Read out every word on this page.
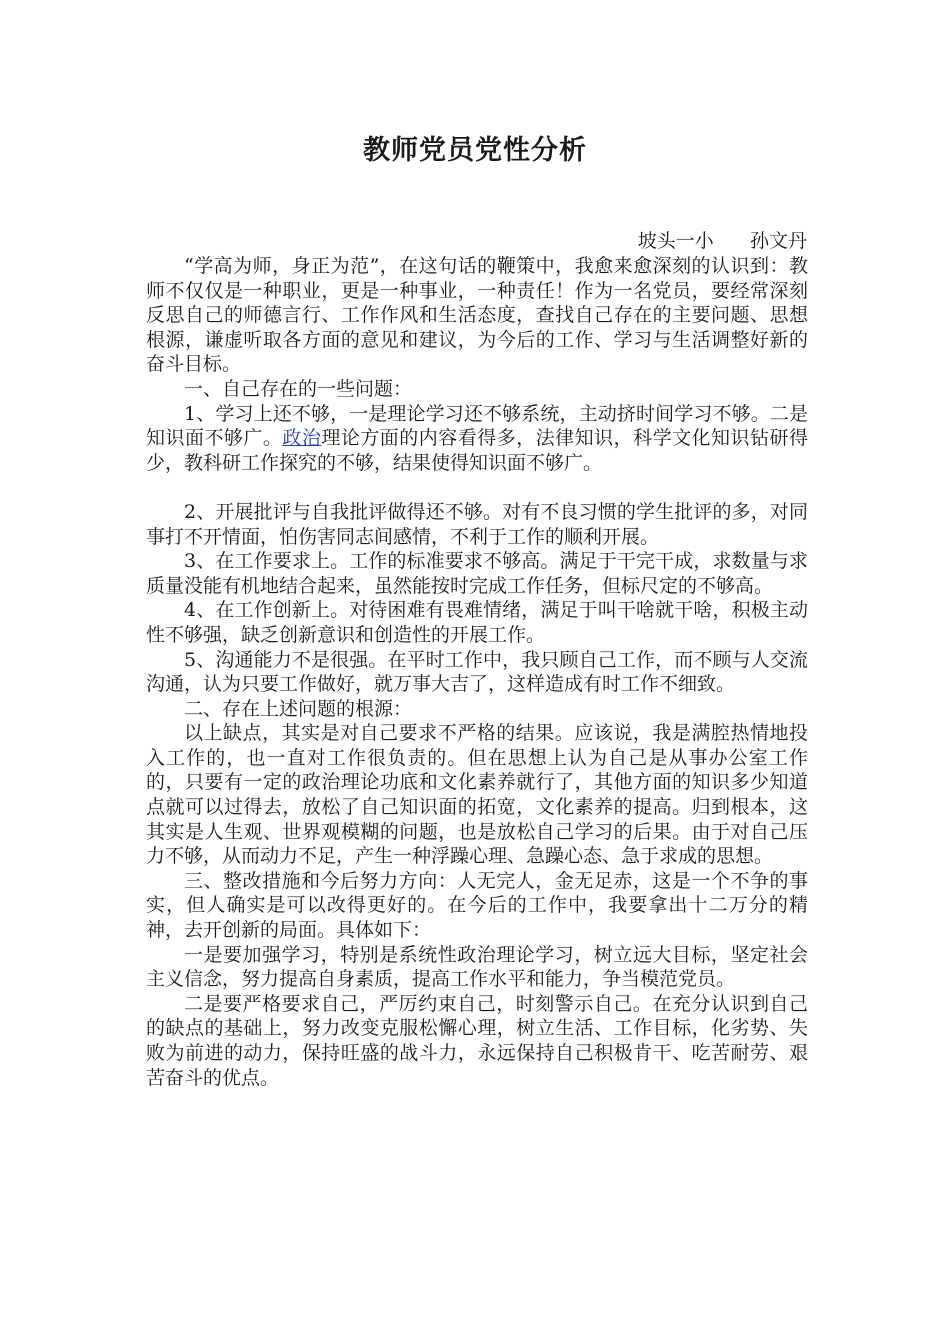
教师党员党性分析
坡头一小      孙文丹

“学高为师，身正为范”，在这句话的鞭策中，我愈来愈深刻的认识到：教师不仅仅是一种职业，更是一种事业，一种责任！作为一名党员，要经常深刻反思自己的师德言行、工作作风和生活态度，查找自己存在的主要问题、思想根源，谦虚听取各方面的意见和建议，为今后的工作、学习与生活调整好新的奋斗目标。

一、自己存在的一些问题：

1、学习上还不够，一是理论学习还不够系统，主动挤时间学习不够。二是知识面不够广。政治理论方面的内容看得多，法律知识，科学文化知识钻研得少，教科研工作探究的不够，结果使得知识面不够广。

2、开展批评与自我批评做得还不够。对有不良习惯的学生批评的多，对同事打不开情面，怕伤害同志间感情，不利于工作的顺利开展。

3、在工作要求上。工作的标准要求不够高。满足于干完干成，求数量与求质量没能有机地结合起来，虽然能按时完成工作任务，但标尺定的不够高。

4、在工作创新上。对待困难有畏难情绪，满足于叫干啥就干啥，积极主动性不够强，缺乏创新意识和创造性的开展工作。

5、沟通能力不是很强。在平时工作中，我只顾自己工作，而不顾与人交流沟通，认为只要工作做好，就万事大吉了，这样造成有时工作不细致。

二、存在上述问题的根源：

以上缺点，其实是对自己要求不严格的结果。应该说，我是满腔热情地投入工作的，也一直对工作很负责的。但在思想上认为自己是从事办公室工作的，只要有一定的政治理论功底和文化素养就行了，其他方面的知识多少知道点就可以过得去，放松了自己知识面的拓宽，文化素养的提高。归到根本，这其实是人生观、世界观模糊的问题，也是放松自己学习的后果。由于对自己压力不够，从而动力不足，产生一种浮躁心理、急躁心态、急于求成的思想。

三、整改措施和今后努力方向：人无完人，金无足赤，这是一个不争的事实，但人确实是可以改得更好的。在今后的工作中，我要拿出十二万分的精神，去开创新的局面。具体如下：

一是要加强学习，特别是系统性政治理论学习，树立远大目标，坚定社会主义信念，努力提高自身素质，提高工作水平和能力，争当模范党员。

二是要严格要求自己，严厉约束自己，时刻警示自己。在充分认识到自己的缺点的基础上，努力改变克服松懈心理，树立生活、工作目标，化劣势、失败为前进的动力，保持旺盛的战斗力，永远保持自己积极肯干、吃苦耐劳、艰苦奋斗的优点。
